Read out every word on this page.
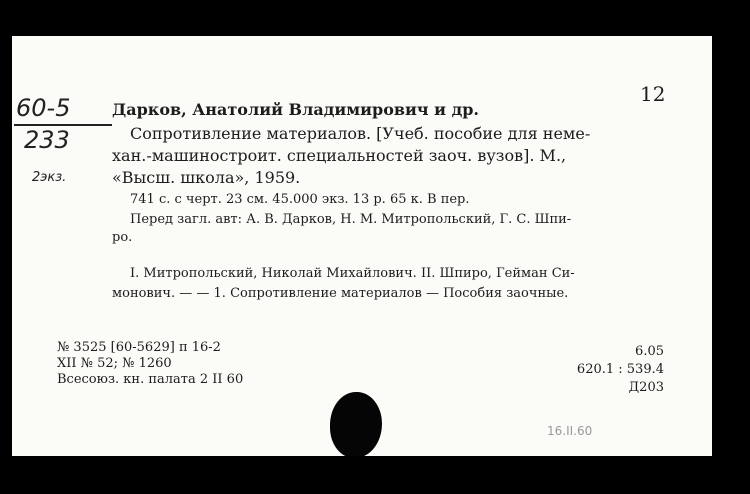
12
60-5
233
2экз.
Дарков, Анатолий Владимирович и др.
Сопротивление материалов. [Учеб. пособие для неме-
хан.-машиностроит. специальностей заоч. вузов]. М.,
«Высш. школа», 1959.
741 с. с черт. 23 см. 45.000 экз. 13 р. 65 к. В пер.
Перед загл. авт: А. В. Дарков, Н. М. Митропольский, Г. С. Шпи-
ро.
I. Митропольский, Николай Михайлович. II. Шпиро, Гейман Си-
монович. — — 1. Сопротивление материалов — Пособия заочные.
№ 3525 [60-5629] п 16-2
XII № 52; № 1260
Всесоюз. кн. палата 2 II 60
6.05
620.1 : 539.4
Д203
16.II.60
